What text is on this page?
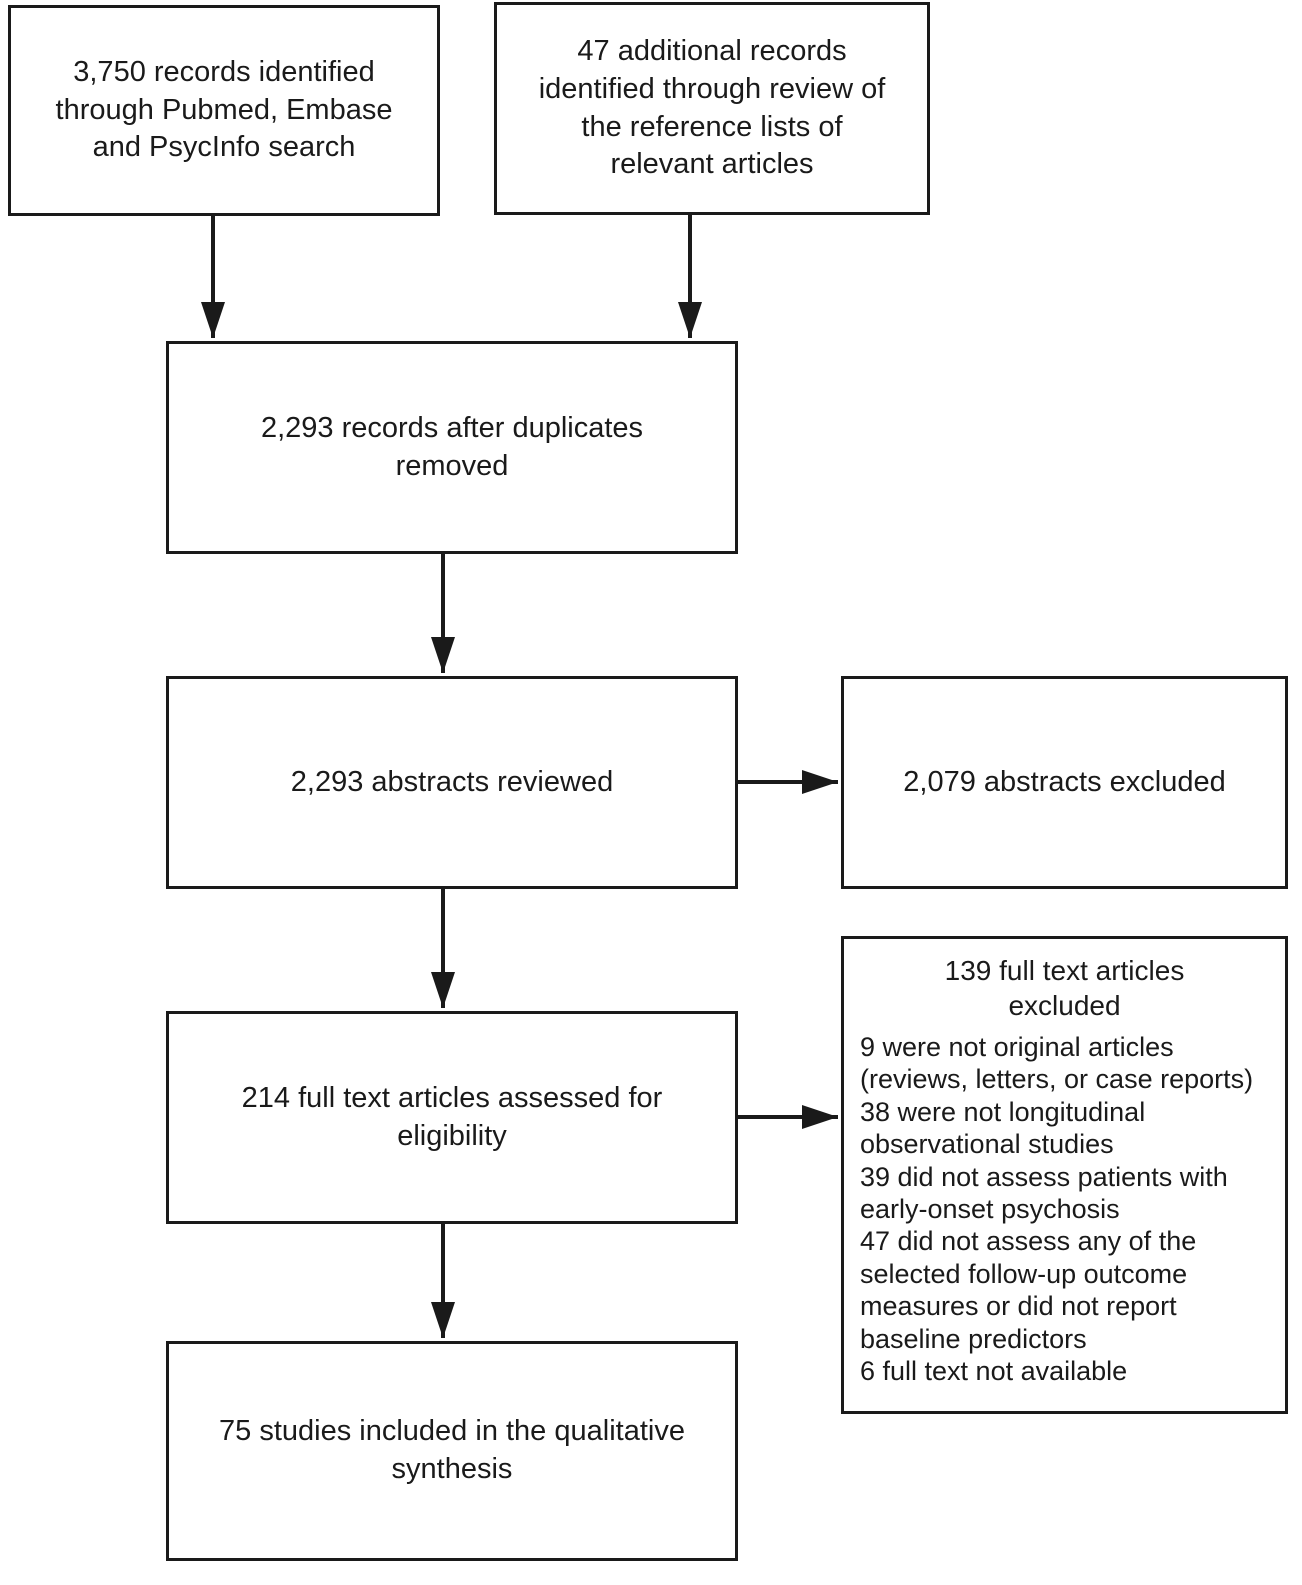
3,750 records identified through Pubmed, Embase and PsycInfo search
47 additional records identified through review of the reference lists of relevant articles
2,293 records after duplicates removed
2,293 abstracts reviewed	2,079 abstracts excluded
214 full text articles assessed for eligibility
139 full text articles excluded
9 were not original articles (reviews, letters, or case reports)
38 were not longitudinal observational studies
39 did not assess patients with early-onset psychosis
47 did not assess any of the selected follow-up outcome measures or did not report baseline predictors
6 full text not available
75 studies included in the qualitative synthesis
